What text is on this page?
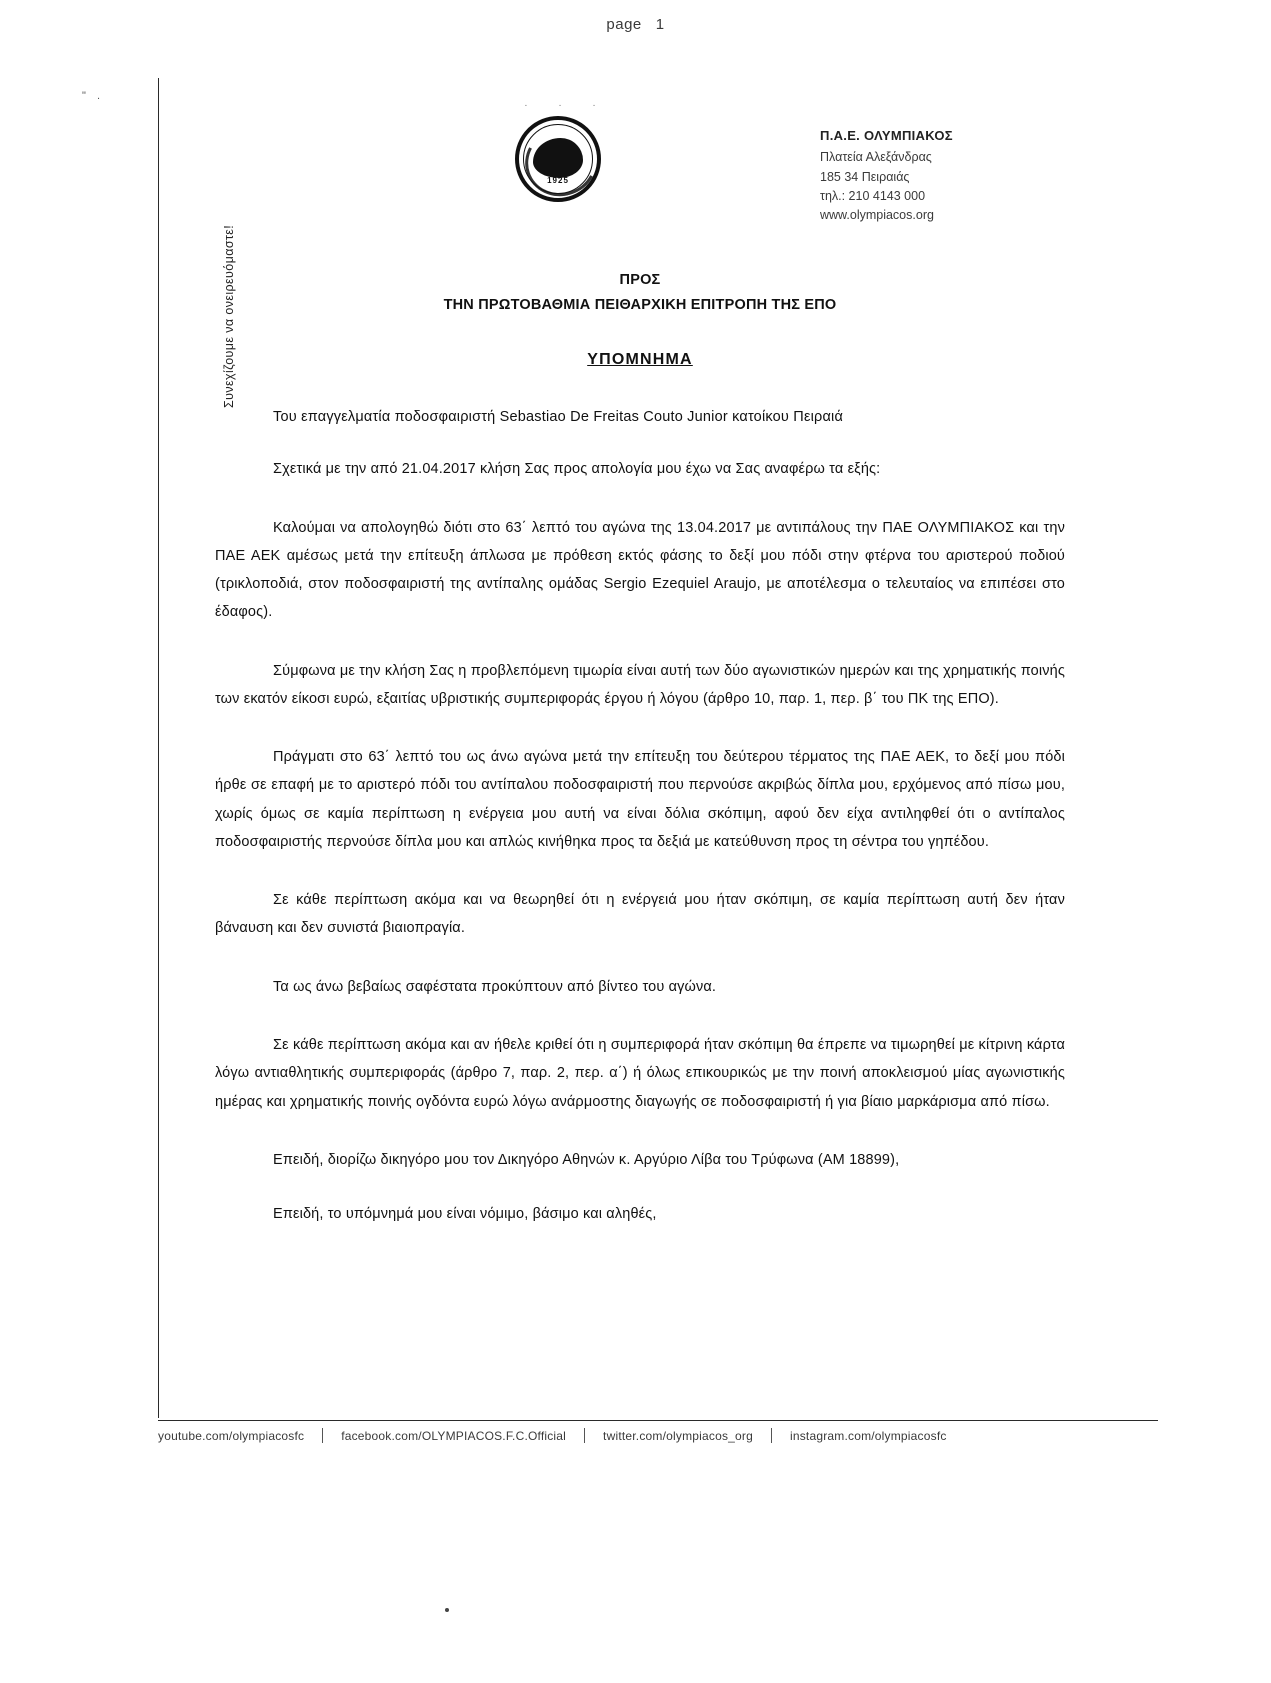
page 1
" .
Συνεχίζουμε να ονειρευόμαστε!
· · ·
1925
Π.Α.Ε. ΟΛΥΜΠΙΑΚΟΣ
Πλατεία Αλεξάνδρας
185 34 Πειραιάς
τηλ.: 210 4143 000
www.olympiacos.org
ΠΡΟΣ
ΤΗΝ ΠΡΩΤΟΒΑΘΜΙΑ ΠΕΙΘΑΡΧΙΚΗ ΕΠΙΤΡΟΠΗ ΤΗΣ ΕΠΟ
ΥΠΟΜΝΗΜΑ
Του επαγγελματία ποδοσφαιριστή Sebastiao De Freitas Couto Junior κατοίκου Πειραιά

Σχετικά με την από 21.04.2017 κλήση Σας προς απολογία μου έχω να Σας αναφέρω τα εξής:

Καλούμαι να απολογηθώ διότι στο 63΄ λεπτό του αγώνα της 13.04.2017 με αντιπάλους την ΠΑΕ ΟΛΥΜΠΙΑΚΟΣ και την ΠΑΕ ΑΕΚ αμέσως μετά την επίτευξη άπλωσα με πρόθεση εκτός φάσης το δεξί μου πόδι στην φτέρνα του αριστερού ποδιού (τρικλοποδιά, στον ποδοσφαιριστή της αντίπαλης ομάδας Sergio Ezequiel Araujo, με αποτέλεσμα ο τελευταίος να επιπέσει στο έδαφος).

Σύμφωνα με την κλήση Σας η προβλεπόμενη τιμωρία είναι αυτή των δύο αγωνιστικών ημερών και της χρηματικής ποινής των εκατόν είκοσι ευρώ, εξαιτίας υβριστικής συμπεριφοράς έργου ή λόγου (άρθρο 10, παρ. 1, περ. β΄ του ΠΚ της ΕΠΟ).

Πράγματι στο 63΄ λεπτό του ως άνω αγώνα μετά την επίτευξη του δεύτερου τέρματος της ΠΑΕ ΑΕΚ, το δεξί μου πόδι ήρθε σε επαφή με το αριστερό πόδι του αντίπαλου ποδοσφαιριστή που περνούσε ακριβώς δίπλα μου, ερχόμενος από πίσω μου, χωρίς όμως σε καμία περίπτωση η ενέργεια μου αυτή να είναι δόλια σκόπιμη, αφού δεν είχα αντιληφθεί ότι ο αντίπαλος ποδοσφαιριστής περνούσε δίπλα μου και απλώς κινήθηκα προς τα δεξιά με κατεύθυνση προς τη σέντρα του γηπέδου.

Σε κάθε περίπτωση ακόμα και να θεωρηθεί ότι η ενέργειά μου ήταν σκόπιμη, σε καμία περίπτωση αυτή δεν ήταν βάναυση και δεν συνιστά βιαιοπραγία.

Τα ως άνω βεβαίως σαφέστατα προκύπτουν από βίντεο του αγώνα.

Σε κάθε περίπτωση ακόμα και αν ήθελε κριθεί ότι η συμπεριφορά ήταν σκόπιμη θα έπρεπε να τιμωρηθεί με κίτρινη κάρτα λόγω αντιαθλητικής συμπεριφοράς (άρθρο 7, παρ. 2, περ. α΄) ή όλως επικουρικώς με την ποινή αποκλεισμού μίας αγωνιστικής ημέρας και χρηματικής ποινής ογδόντα ευρώ λόγω ανάρμοστης διαγωγής σε ποδοσφαιριστή ή για βίαιο μαρκάρισμα από πίσω.

Επειδή, διορίζω δικηγόρο μου τον Δικηγόρο Αθηνών κ. Αργύριο Λίβα του Τρύφωνα (ΑΜ 18899),

Επειδή, το υπόμνημά μου είναι νόμιμο, βάσιμο και αληθές,

youtube.com/olympiacosfc	facebook.com/OLYMPIACOS.F.C.Official	twitter.com/olympiacos_org	instagram.com/olympiacosfc
